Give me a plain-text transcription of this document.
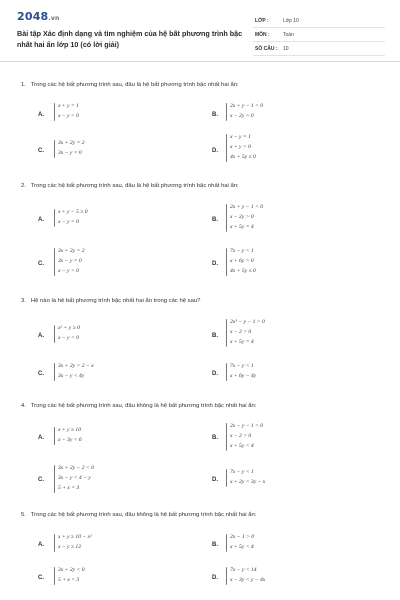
2048.vn
Bài tập Xác định dạng và tìm nghiệm của hệ bất phương trình bậc nhất hai ẩn lớp 10 (có lời giải)
LỚP :	Lớp 10
MÔN :	Toán
SỐ CÂU : 10
1. Trong các hệ bất phương trình sau, đâu là hệ bất phương trình bậc nhất hai ẩn:
A.
x + y = 1
x − y > 0	B.
2x + y − 1 < 0
x − 2y > 0
C.
3x + 2y = 2
3x − y = 0	D.
x − y = 1
x + y > 0
4x + 5y ≤ 0
2. Trong các hệ bất phương trình sau, đâu là hệ bất phương trình bậc nhất hai ẩn:
A.
x + y − 5 ≥ 0
x − y = 0	B.
2x + y − 1 < 0
x − 2y > 0
x + 5y = 4
C.
3x + 2y = 2
3x − y = 0
x − y > 0
D.
7x − y < 1
x + 6y > 0
4x + 5y ≤ 0
3. Hệ nào là hệ bất phương trình bậc nhất hai ẩn trong các hệ sau?
A.
x² + y ≥ 0
x − y < 0	B.
2x³ − y − 1 > 0
x − 2 > 0
x + 5y = 4
C.
3x + 2y > 2 − x
3x − y < 4y	D.
7x − y < 1
x + 6y − 4y
4. Trong các hệ bất phương trình sau, đâu không là hệ bất phương trình bậc nhất hai ẩn:
A.
x + y ≥ 10
x − 3y < 6	B.
2x − y − 1 > 0
x − 2 > 0
x + 5y < 4
C.
3x + 2y − 2 < 0
3x − y < 4 − y
5 + x = 3
D.
7x − y < 1
x + 2y < 3y − x
5. Trong các hệ bất phương trình sau, đâu không là hệ bất phương trình bậc nhất hai ẩn:
A.
x + y ≥ 10 − x²
x − y ≥ 12	B.
2x − 1 > 0
x + 5y < 4
C.
3x + 2y < 0
5 + x < 3	D.
7x − y < 14
x − 3y < y − 4x
